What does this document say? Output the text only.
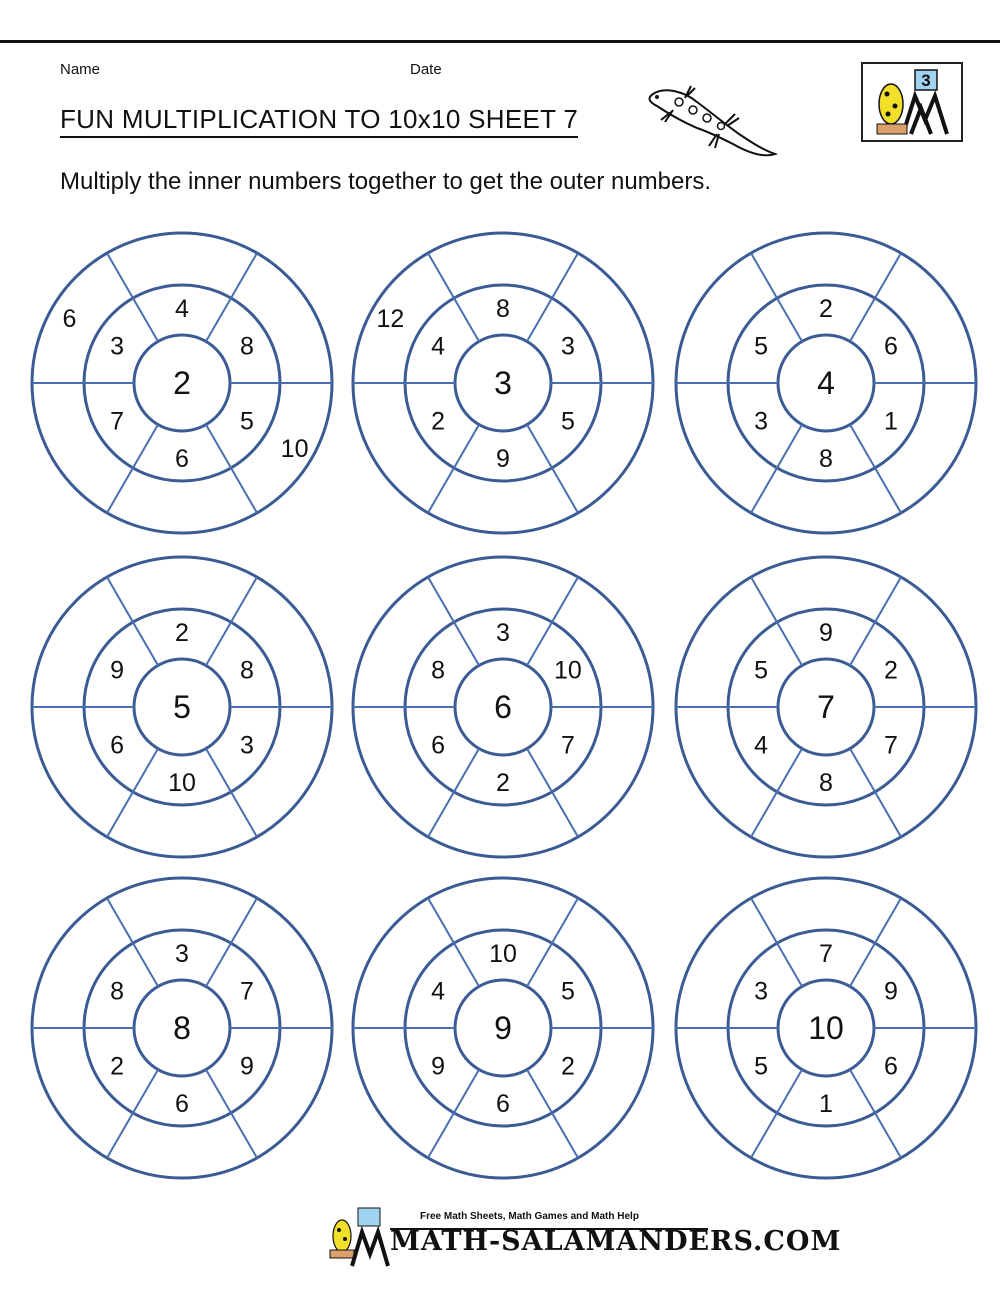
Name	Date
FUN MULTIPLICATION TO 10x10 SHEET 7
3
Multiply the inner numbers together to get the outer numbers.
2
4
8
5
6
7
3
10
6
3
8
3
5
9
2
4
12
4
2
6
1
8
3
5
5
2
8
3
10
6
9
6
3
10
7
2
6
8
7
9
2
7
8
4
5
8
3
7
9
6
2
8
9
10
5
2
6
9
4
10
7
9
6
1
5
3
Free Math Sheets, Math Games and Math Help
MATH-SALAMANDERS.COM
